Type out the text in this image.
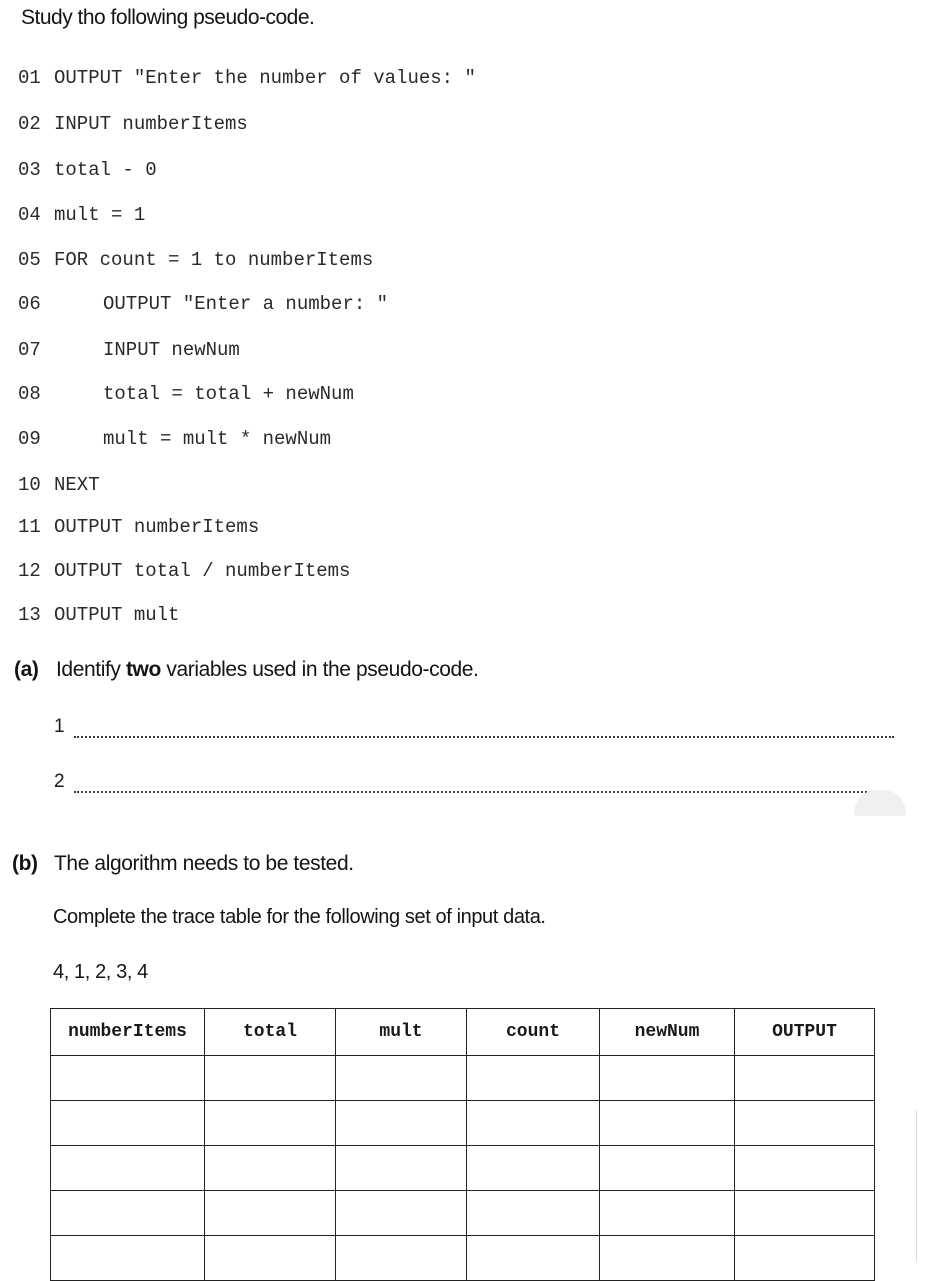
Study tho following pseudo-code.
01 OUTPUT "Enter the number of values: "
02 INPUT numberItems
03 total - 0
04 mult = 1
05 FOR count = 1 to numberItems
06	OUTPUT "Enter a number: "
07	INPUT newNum
08	total = total + newNum
09	mult = mult * newNum
10 NEXT
11 OUTPUT numberItems
12 OUTPUT total / numberItems
13 OUTPUT mult
(a) Identify two variables used in the pseudo-code.
1
2
(b) The algorithm needs to be tested.
Complete the trace table for the following set of input data.
4, 1, 2, 3, 4
numberItems	total	mult	count	newNum	OUTPUT
